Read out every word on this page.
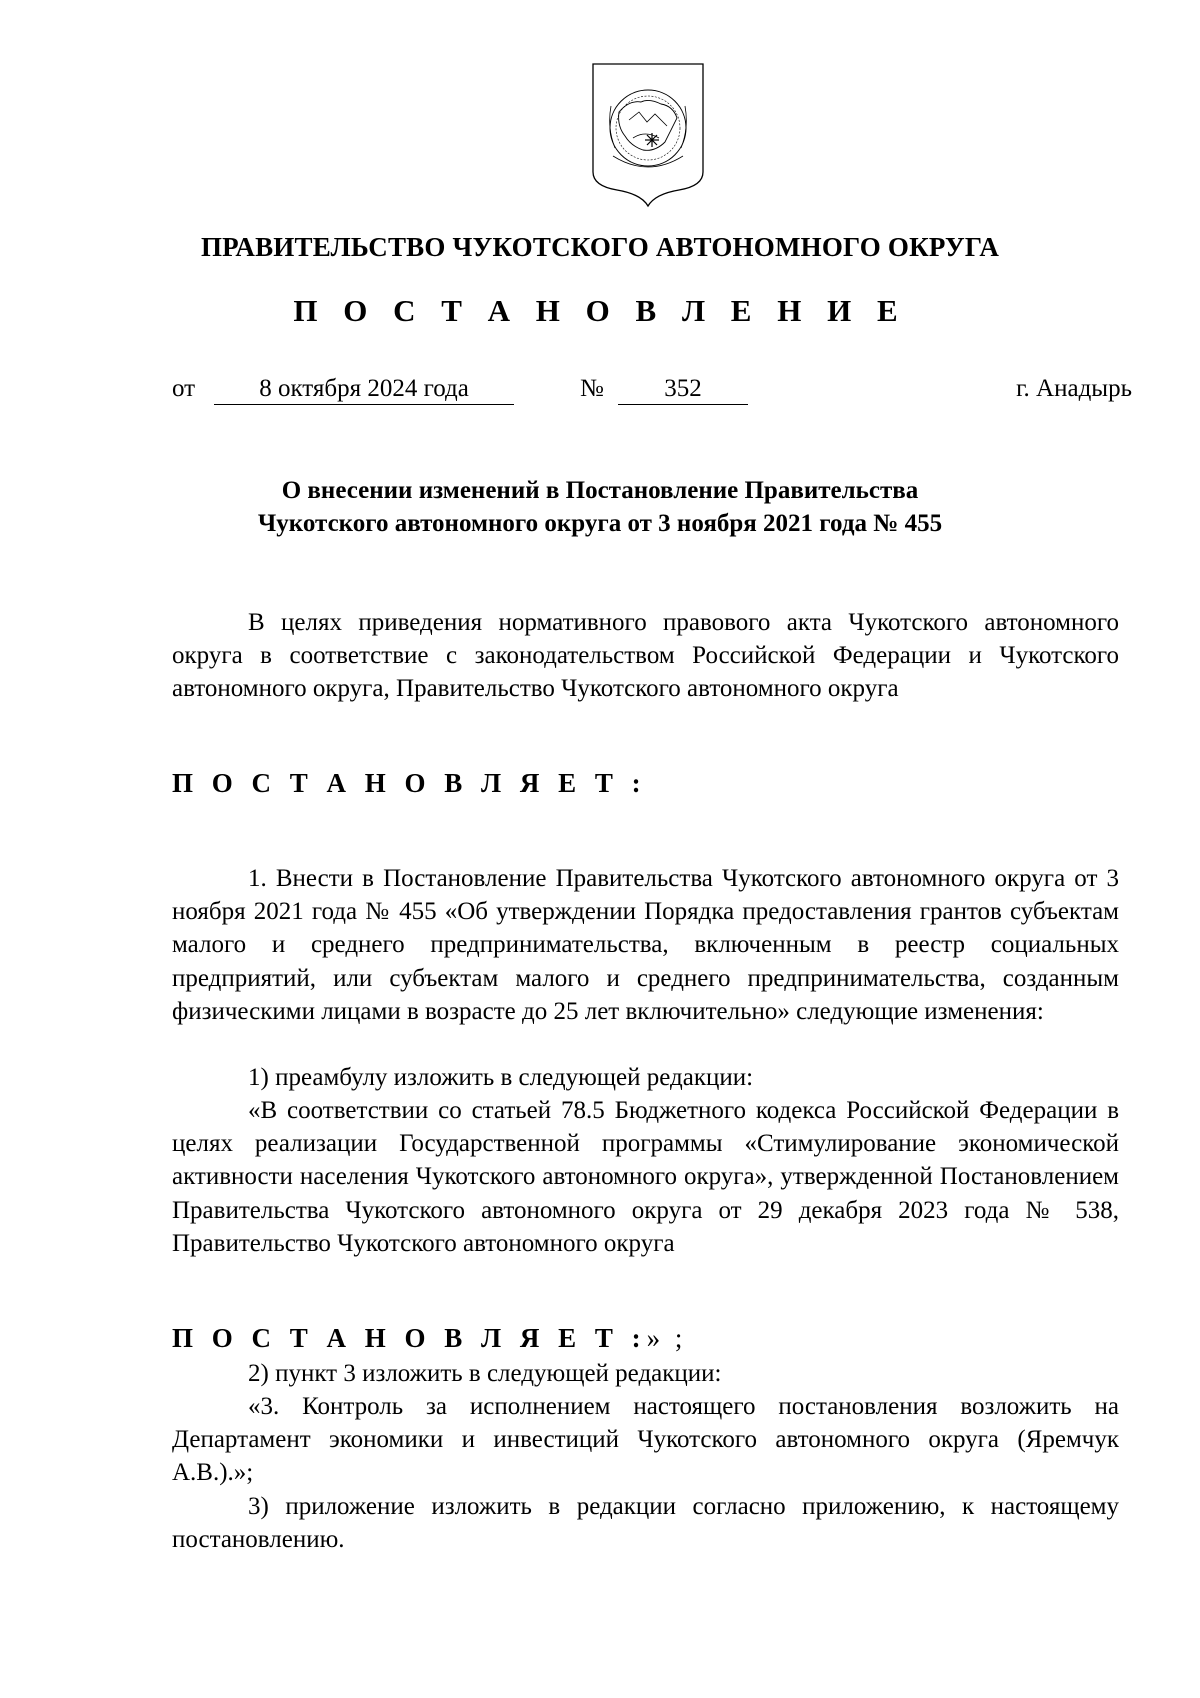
ПРАВИТЕЛЬСТВО ЧУКОТСКОГО АВТОНОМНОГО ОКРУГА
П О С Т А Н О В Л Е Н И Е
от	8 октября 2024 года	№	352	г. Анадырь
О внесении изменений в Постановление Правительства
Чукотского автономного округа от 3 ноября 2021 года № 455

В целях приведения нормативного правового акта Чукотского автономного округа в соответствие с законодательством Российской Федерации и Чукотского автономного округа, Правительство Чукотского автономного округа

П О С Т А Н О В Л Я Е Т :

1. Внести в Постановление Правительства Чукотского автономного округа от 3 ноября 2021 года № 455 «Об утверждении Порядка предоставления грантов субъектам малого и среднего предпринимательства, включенным в реестр социальных предприятий, или субъектам малого и среднего предпринимательства, созданным физическими лицами в возрасте до 25 лет включительно» следующие изменения:

1) преамбулу изложить в следующей редакции:

«В соответствии со статьей 78.5 Бюджетного кодекса Российской Федерации в целях реализации Государственной программы «Стимулирование экономической активности населения Чукотского автономного округа», утвержденной Постановлением Правительства Чукотского автономного округа от 29 декабря 2023 года № 538, Правительство Чукотского автономного округа

П О С Т А Н О В Л Я Е Т :» ;

2) пункт 3 изложить в следующей редакции:

«3. Контроль за исполнением настоящего постановления возложить на Департамент экономики и инвестиций Чукотского автономного округа (Яремчук А.В.).»;

3) приложение изложить в редакции согласно приложению, к настоящему постановлению.
